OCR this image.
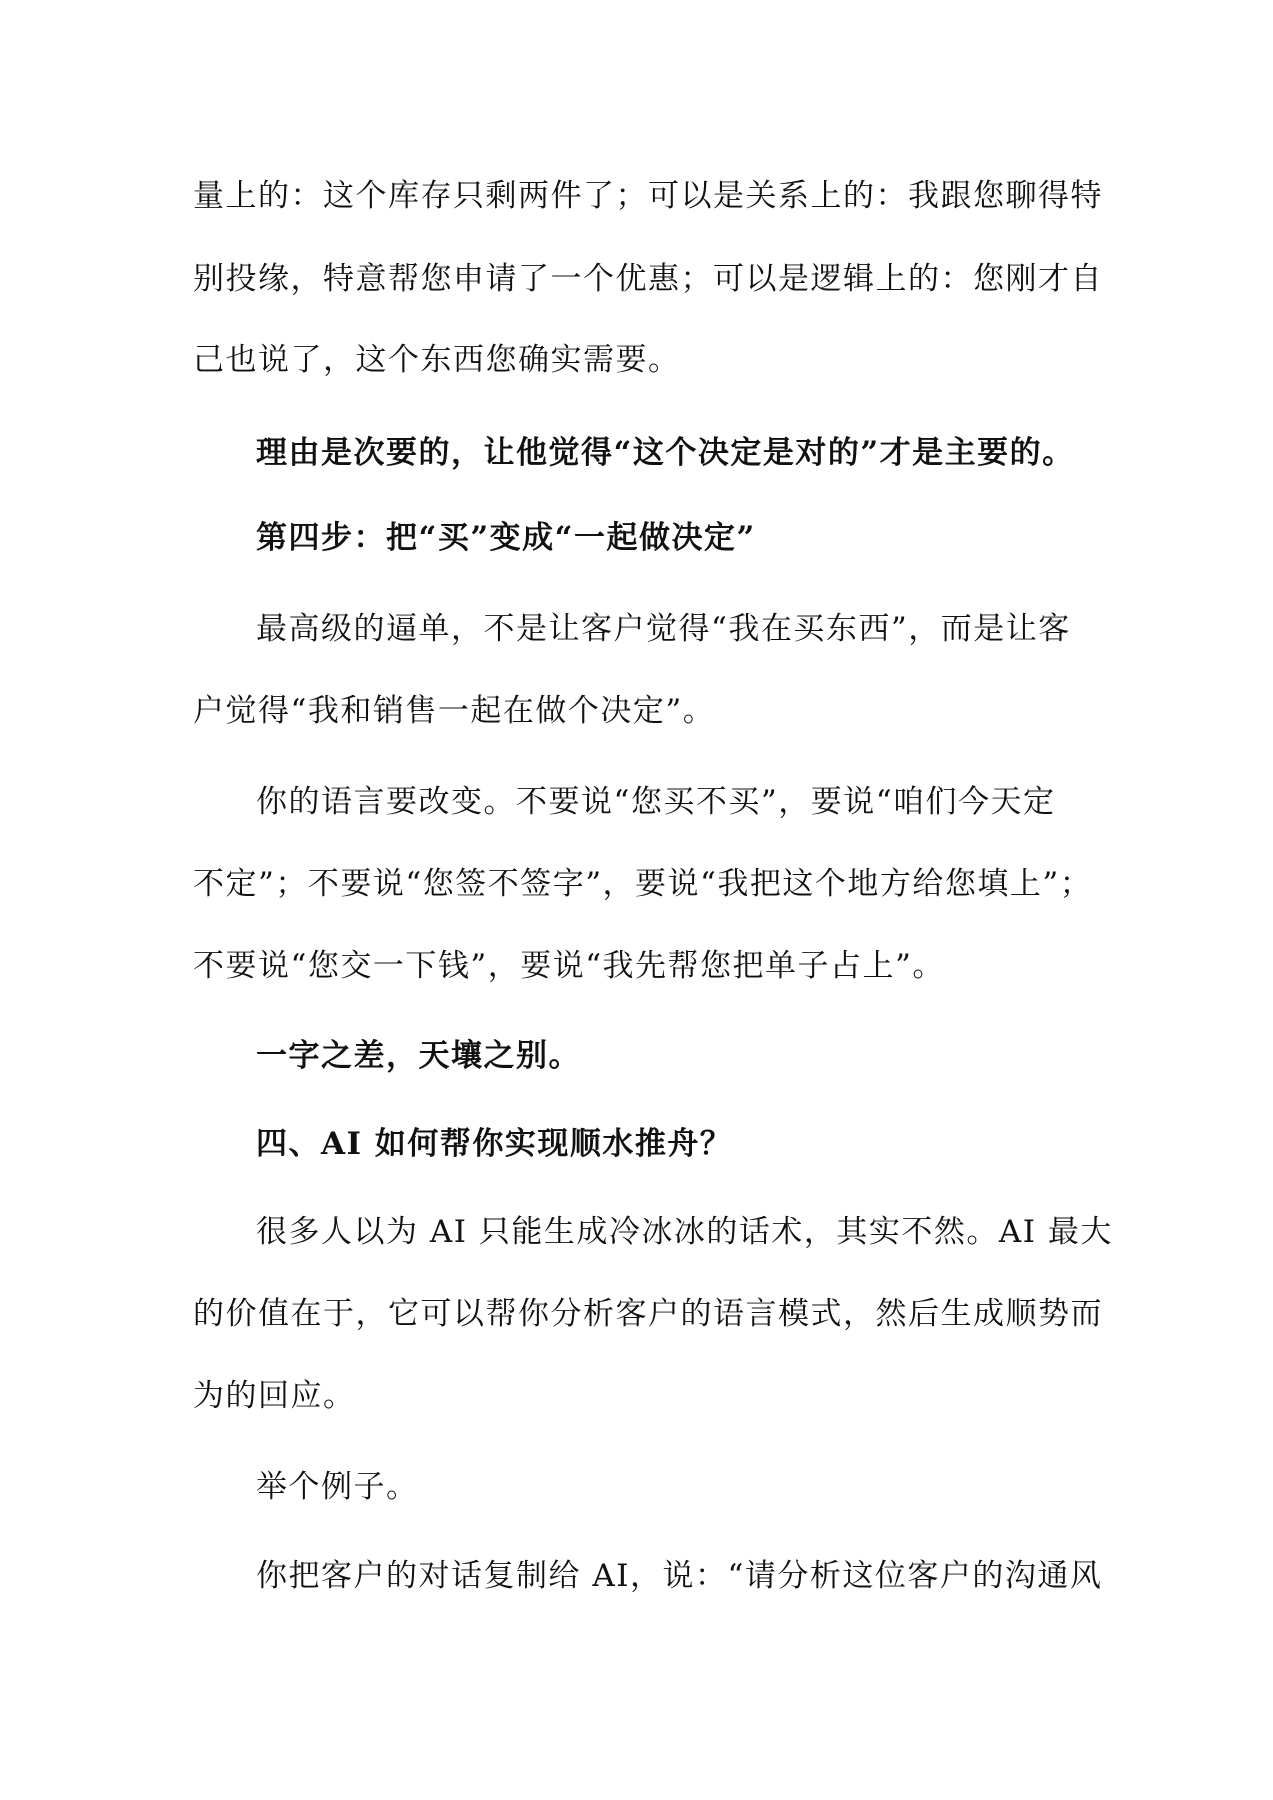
量上的：这个库存只剩两件了；可以是关系上的：我跟您聊得特
别投缘，特意帮您申请了一个优惠；可以是逻辑上的：您刚才自
己也说了，这个东西您确实需要。
理由是次要的，让他觉得“这个决定是对的”才是主要的。
第四步：把“买”变成“一起做决定”
最高级的逼单，不是让客户觉得“我在买东西”，而是让客
户觉得“我和销售一起在做个决定”。
你的语言要改变。不要说“您买不买”，要说“咱们今天定
不定”；不要说“您签不签字”，要说“我把这个地方给您填上”；
不要说“您交一下钱”，要说“我先帮您把单子占上”。
一字之差，天壤之别。
四、AI 如何帮你实现顺水推舟？
很多人以为 AI 只能生成冷冰冰的话术，其实不然。AI 最大
的价值在于，它可以帮你分析客户的语言模式，然后生成顺势而
为的回应。
举个例子。
你把客户的对话复制给 AI，说：“请分析这位客户的沟通风
